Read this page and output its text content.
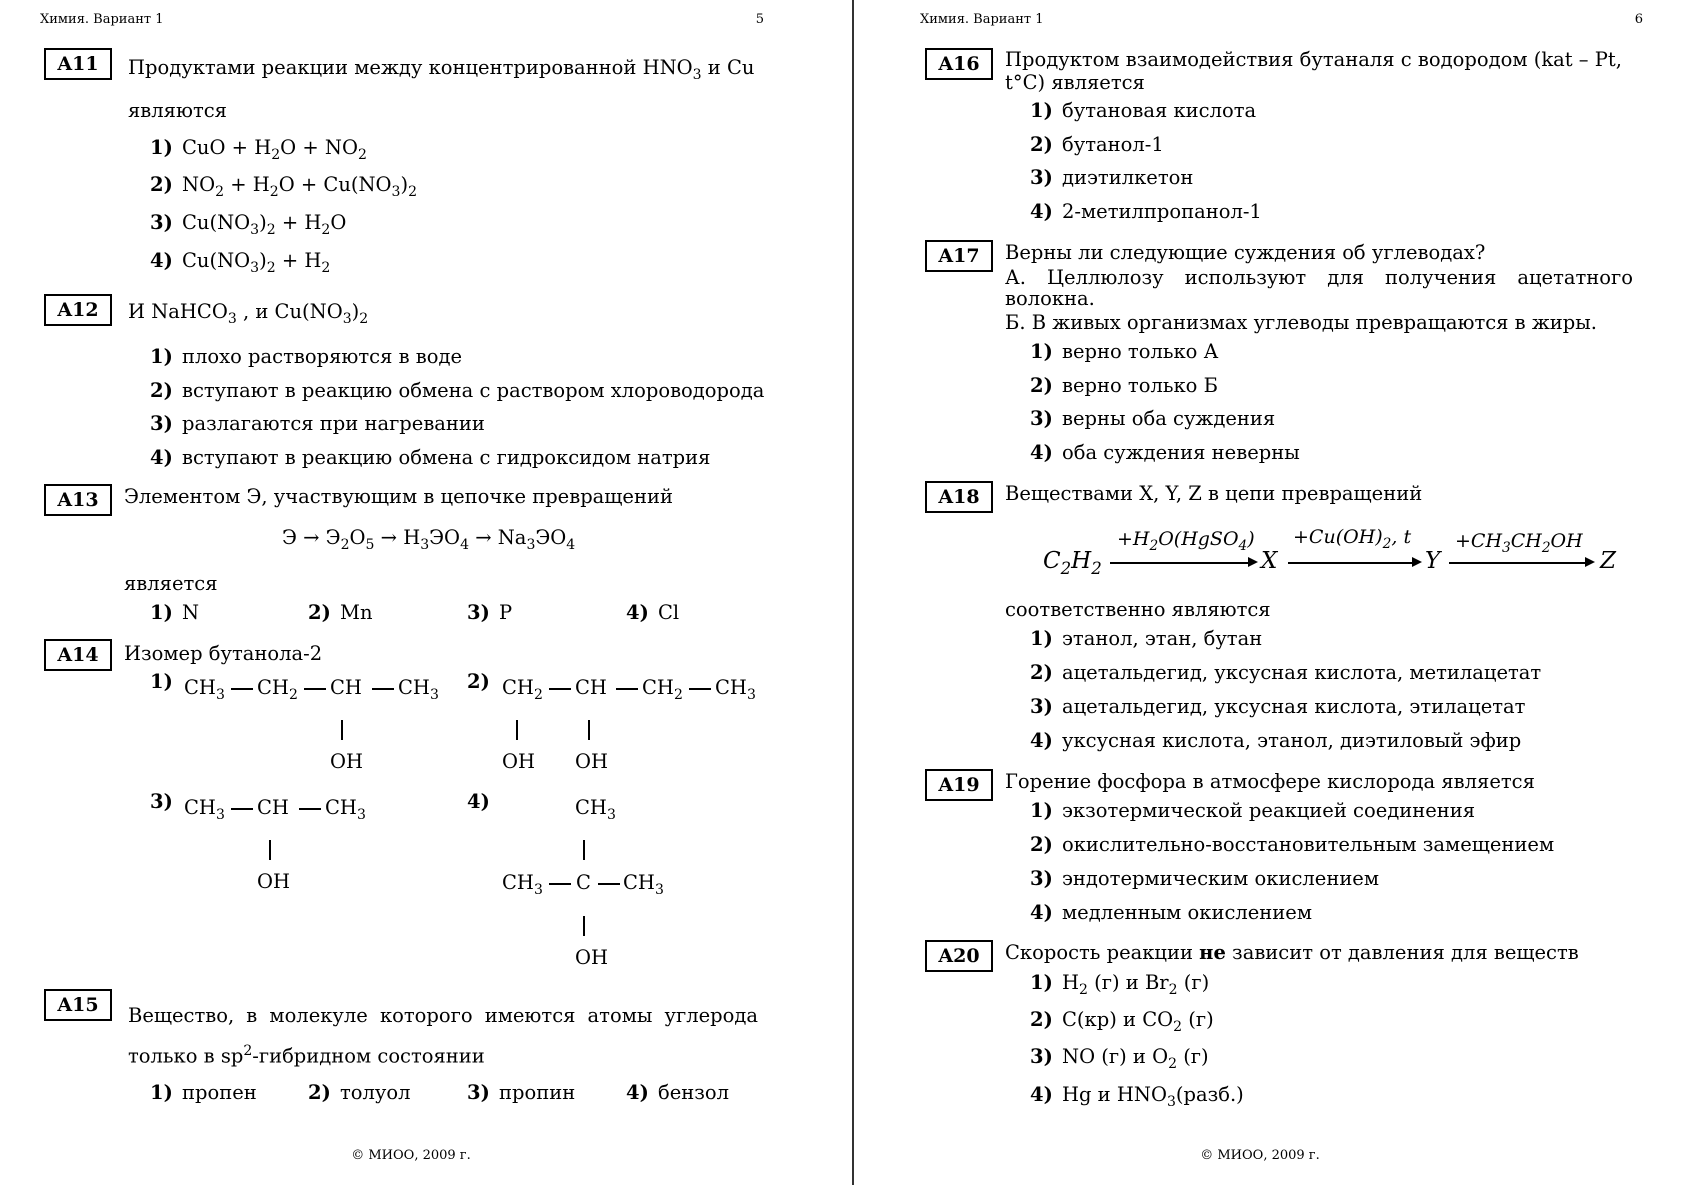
Химия. Вариант 1	5
A11	Продуктами реакции между концентрированной $HNO_3$ и Cu
являются
1) CuO + $H_2O + NO_2$
2) $NO_2 + H_2O + Cu(NO_3)_2$
3) $Cu(NO_3)_2 + H_2O$
4) $Cu(NO_3)_2 + H_2$
A12	И NaHCO$_3$ , и $Cu(NO_3)_2$
1) плохо растворяются в воде
2) вступают в реакцию обмена с раствором хлороводорода
3) разлагаются при нагревании
4) вступают в реакцию обмена с гидроксидом натрия
A13	Элементом Э, участвующим в цепочке превращений
$Э \to Э_2О_5 \to H_3ЭО_4 \to Na_3ЭО_4$
является
1) N	2) Mn	3) P	4) Cl
A14	Изомер бутанола-2
1) $CH_3$ $CH_2$ CH $CH_3$
OH
2) $CH_2$ CH $CH_2$ $CH_3$
OH OH
3) $CH_3$ CH $CH_3$
OH
4)	$CH_3$
$CH_3$ C $CH_3$
OH
A15	Вещество, в молекуле которого имеются атомы углерода
только в $sp^2$-гибридном состоянии
1) пропен	2) толуол	3) пропин	4) бензол
© МИОО, 2009 г.
Химия. Вариант 1	6
A16	Продуктом взаимодействия бутаналя с водородом (kat – Pt,
t°C) является
1) бутановая кислота
2) бутанол-1
3) диэтилкетон
4) 2-метилпропанол-1
A17	Верны ли следующие суждения об углеводах?
А. Целлюлозу используют для получения ацетатного
волокна.
Б. В живых организмах углеводы превращаются в жиры.
1) верно только А
2) верно только Б
3) верны оба суждения
4) оба суждения неверны
A18	Веществами X, Y, Z в цепи превращений
$C_2H_2$
$+H_2O(HgSO_4)$
X
$+Cu(OH)_2$, t
Y
$+CH_3CH_2OH$
Z
соответственно являются
1) этанол, этан, бутан
2) ацетальдегид, уксусная кислота, метилацетат
3) ацетальдегид, уксусная кислота, этилацетат
4) уксусная кислота, этанол, диэтиловый эфир
A19	Горение фосфора в атмосфере кислорода является
1) экзотермической реакцией соединения
2) окислительно-восстановительным замещением
3) эндотермическим окислением
4) медленным окислением
A20	Скорость реакции не зависит от давления для веществ
1) $H_2$ (г) и $Br_2$ (г)
2) C(кр) и $CO_2$ (г)
3) NO (г) и $O_2$ (г)
4) Hg и $HNO_3(разб.)$
© МИОО, 2009 г.
